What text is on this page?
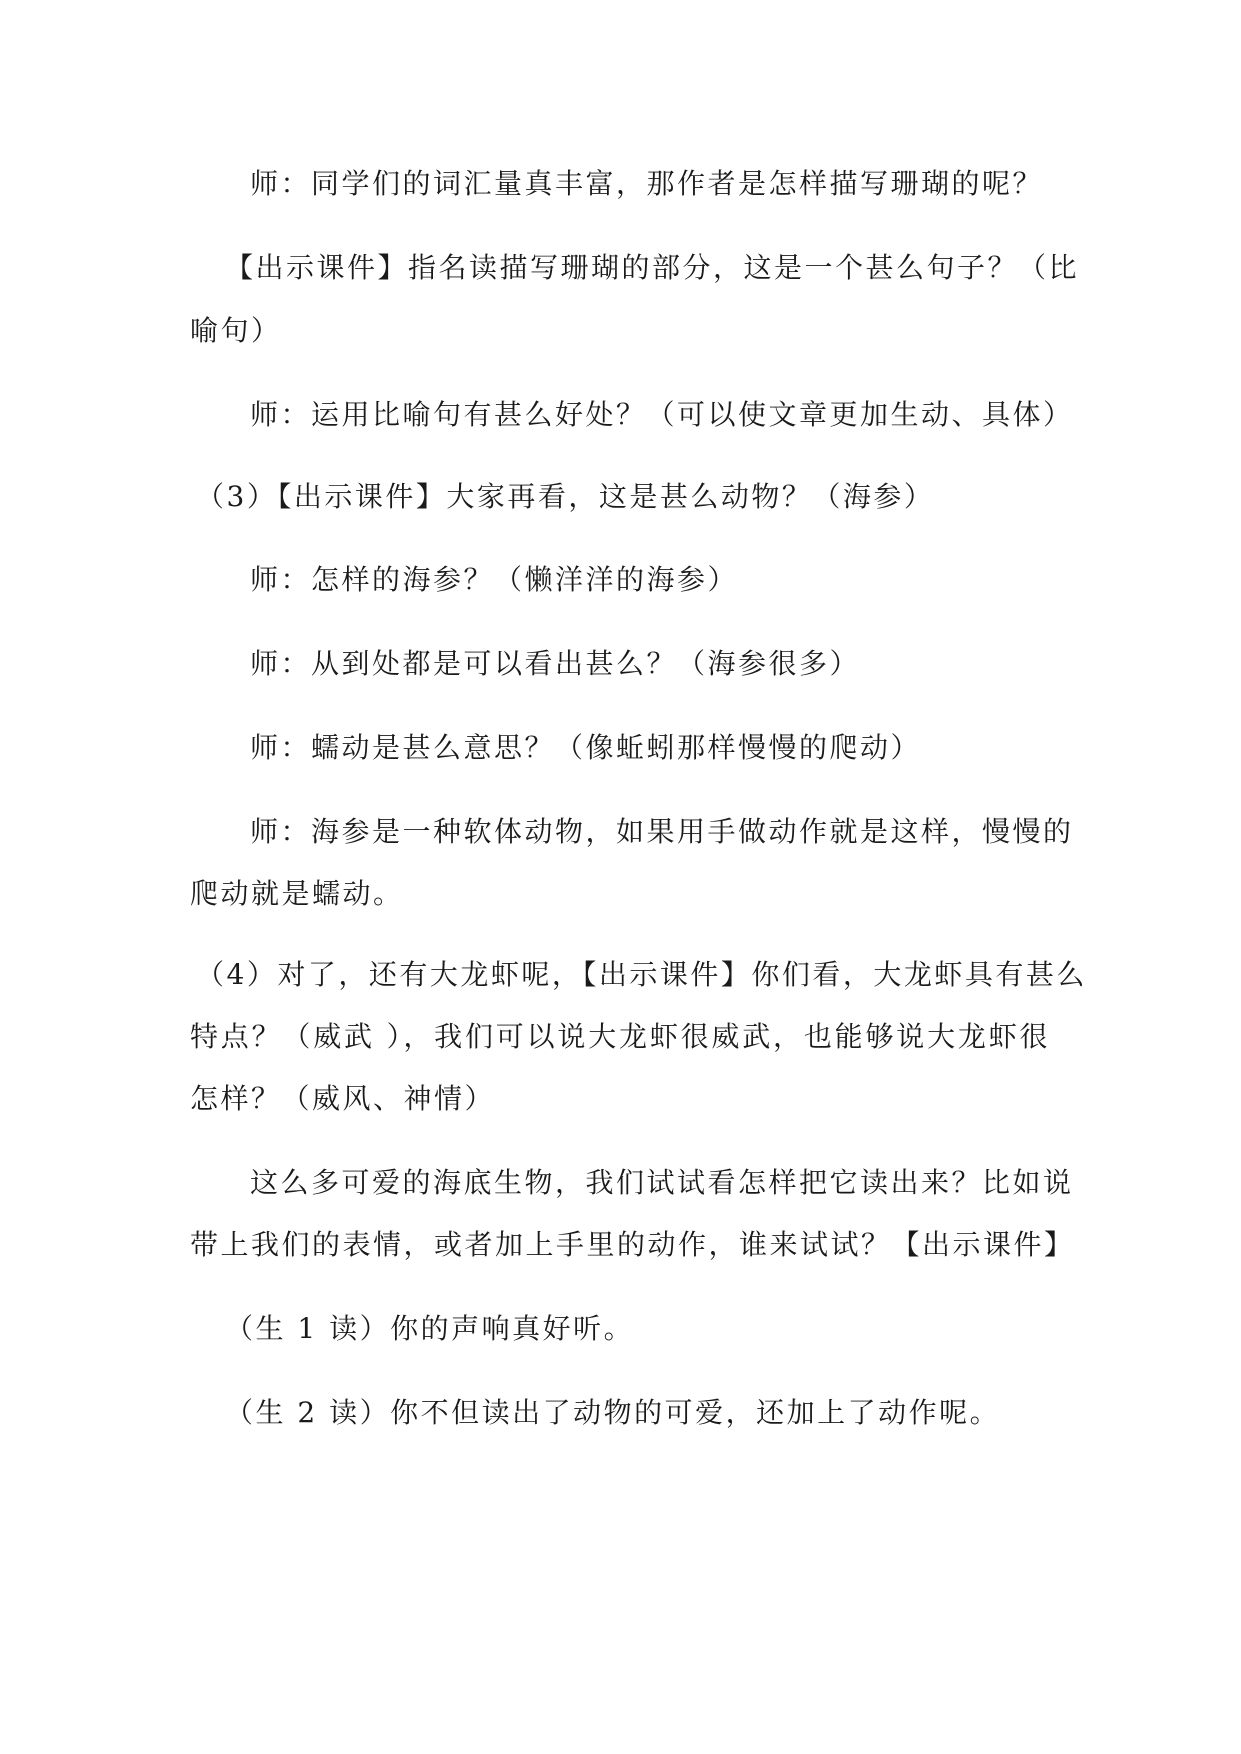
师：同学们的词汇量真丰富，那作者是怎样描写珊瑚的呢？
【出示课件】指名读描写珊瑚的部分，这是一个甚么句子？（比
喻句）
师：运用比喻句有甚么好处？（可以使文章更加生动、具体）
（3）【出示课件】大家再看，这是甚么动物？（海参）
师：怎样的海参？（懒洋洋的海参）
师：从到处都是可以看出甚么？（海参很多）
师：蠕动是甚么意思？（像蚯蚓那样慢慢的爬动）
师：海参是一种软体动物，如果用手做动作就是这样，慢慢的
爬动就是蠕动。
（4）对了，还有大龙虾呢，【出示课件】你们看，大龙虾具有甚么
特点？（威武 ），我们可以说大龙虾很威武，也能够说大龙虾很
怎样？（威风、神情）
这么多可爱的海底生物，我们试试看怎样把它读出来？比如说
带上我们的表情，或者加上手里的动作，谁来试试？【出示课件】
（生 1 读）你的声响真好听。
（生 2 读）你不但读出了动物的可爱，还加上了动作呢。
